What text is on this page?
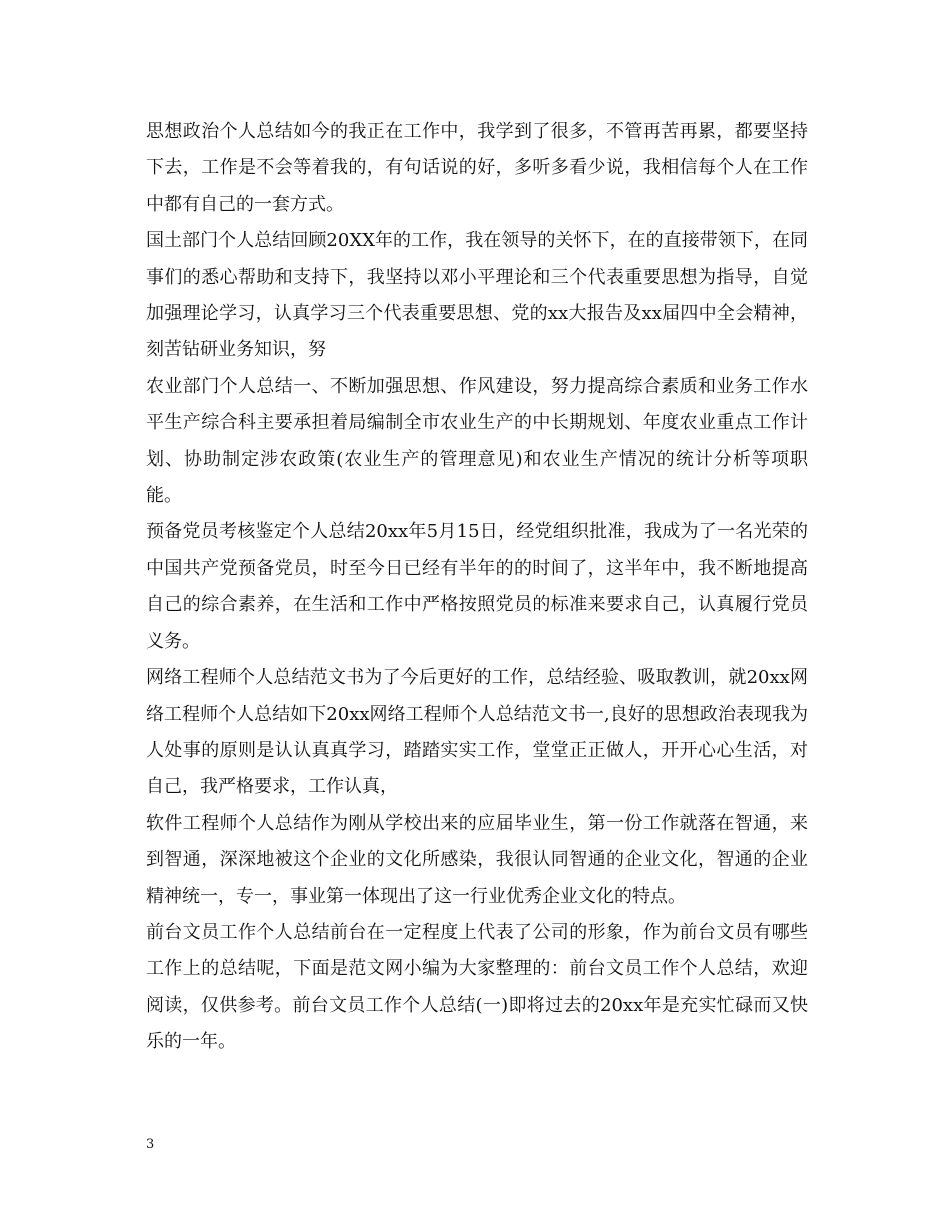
思想政治个人总结如今的我正在工作中，我学到了很多，不管再苦再累，都要坚持下去，工作是不会等着我的，有句话说的好，多听多看少说，我相信每个人在工作中都有自己的一套方式。

国土部门个人总结回顾20XX年的工作，我在领导的关怀下，在的直接带领下，在同事们的悉心帮助和支持下，我坚持以邓小平理论和三个代表重要思想为指导，自觉加强理论学习，认真学习三个代表重要思想、党的xx大报告及xx届四中全会精神，刻苦钻研业务知识，努

农业部门个人总结一、不断加强思想、作风建设，努力提高综合素质和业务工作水平生产综合科主要承担着局编制全市农业生产的中长期规划、年度农业重点工作计划、协助制定涉农政策(农业生产的管理意见)和农业生产情况的统计分析等项职能。

预备党员考核鉴定个人总结20xx年5月15日，经党组织批准，我成为了一名光荣的中国共产党预备党员，时至今日已经有半年的的时间了，这半年中，我不断地提高自己的综合素养，在生活和工作中严格按照党员的标准来要求自己，认真履行党员义务。

网络工程师个人总结范文书为了今后更好的工作，总结经验、吸取教训，就20xx网络工程师个人总结如下20xx网络工程师个人总结范文书一,良好的思想政治表现我为人处事的原则是认认真真学习，踏踏实实工作，堂堂正正做人，开开心心生活，对自己，我严格要求，工作认真，

软件工程师个人总结作为刚从学校出来的应届毕业生，第一份工作就落在智通，来到智通，深深地被这个企业的文化所感染，我很认同智通的企业文化，智通的企业精神统一，专一，事业第一体现出了这一行业优秀企业文化的特点。

前台文员工作个人总结前台在一定程度上代表了公司的形象，作为前台文员有哪些工作上的总结呢，下面是范文网小编为大家整理的：前台文员工作个人总结，欢迎阅读，仅供参考。前台文员工作个人总结(一)即将过去的20xx年是充实忙碌而又快乐的一年。

3
